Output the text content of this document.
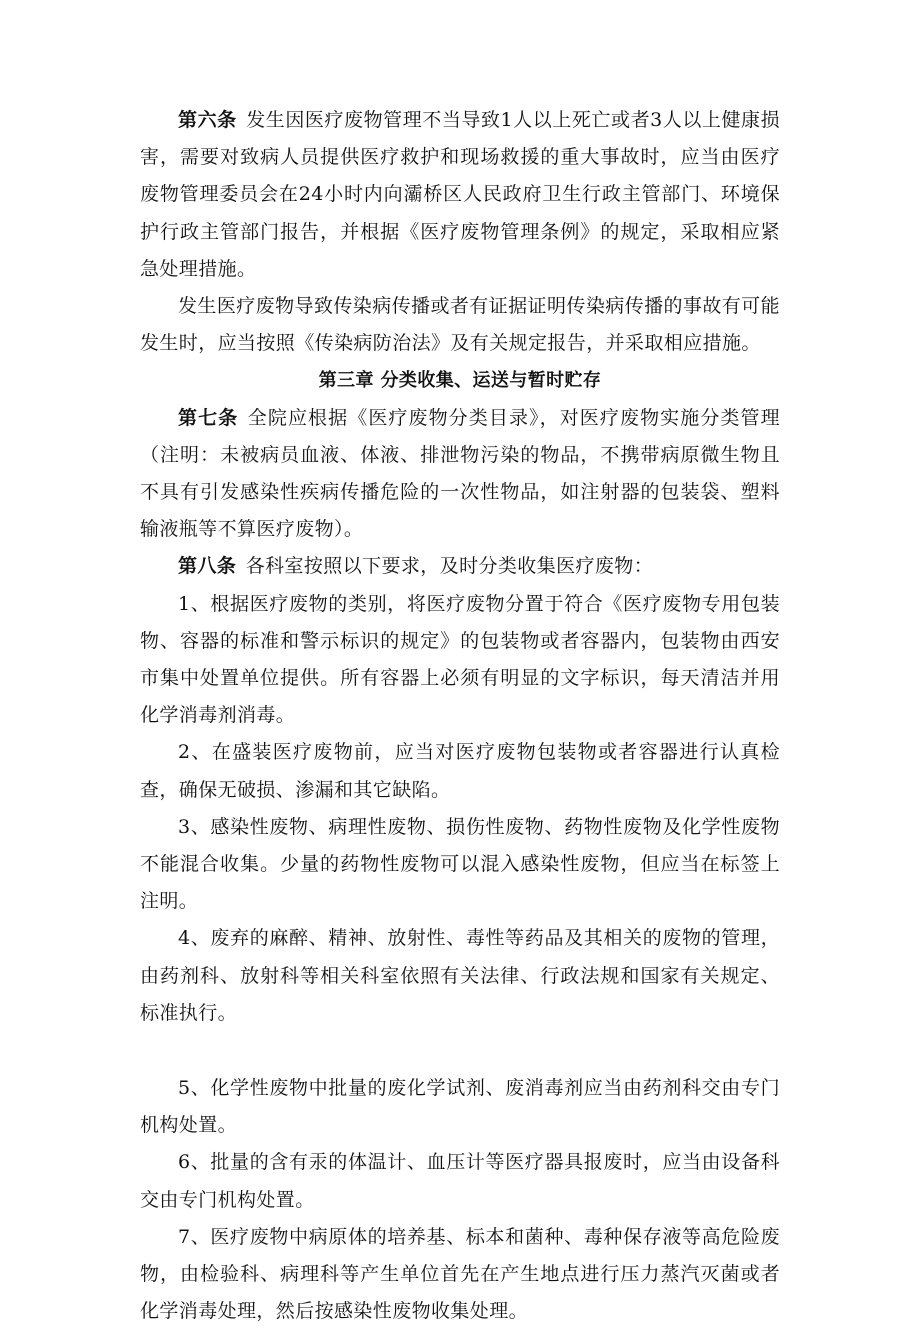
第六条 发生因医疗废物管理不当导致1人以上死亡或者3人以上健康损害，需要对致病人员提供医疗救护和现场救援的重大事故时，应当由医疗废物管理委员会在24小时内向灞桥区人民政府卫生行政主管部门、环境保护行政主管部门报告，并根据《医疗废物管理条例》的规定，采取相应紧急处理措施。

发生医疗废物导致传染病传播或者有证据证明传染病传播的事故有可能发生时，应当按照《传染病防治法》及有关规定报告，并采取相应措施。

第三章 分类收集、运送与暂时贮存

第七条 全院应根据《医疗废物分类目录》，对医疗废物实施分类管理（注明：未被病员血液、体液、排泄物污染的物品，不携带病原微生物且不具有引发感染性疾病传播危险的一次性物品，如注射器的包装袋、塑料输液瓶等不算医疗废物）。

第八条 各科室按照以下要求，及时分类收集医疗废物：

1、根据医疗废物的类别，将医疗废物分置于符合《医疗废物专用包装物、容器的标准和警示标识的规定》的包装物或者容器内，包装物由西安市集中处置单位提供。所有容器上必须有明显的文字标识，每天清洁并用化学消毒剂消毒。

2、在盛装医疗废物前，应当对医疗废物包装物或者容器进行认真检查，确保无破损、渗漏和其它缺陷。

3、感染性废物、病理性废物、损伤性废物、药物性废物及化学性废物不能混合收集。少量的药物性废物可以混入感染性废物，但应当在标签上注明。

4、废弃的麻醉、精神、放射性、毒性等药品及其相关的废物的管理，由药剂科、放射科等相关科室依照有关法律、行政法规和国家有关规定、标准执行。

5、化学性废物中批量的废化学试剂、废消毒剂应当由药剂科交由专门机构处置。

6、批量的含有汞的体温计、血压计等医疗器具报废时，应当由设备科交由专门机构处置。

7、医疗废物中病原体的培养基、标本和菌种、毒种保存液等高危险废物，由检验科、病理科等产生单位首先在产生地点进行压力蒸汽灭菌或者化学消毒处理，然后按感染性废物收集处理。
